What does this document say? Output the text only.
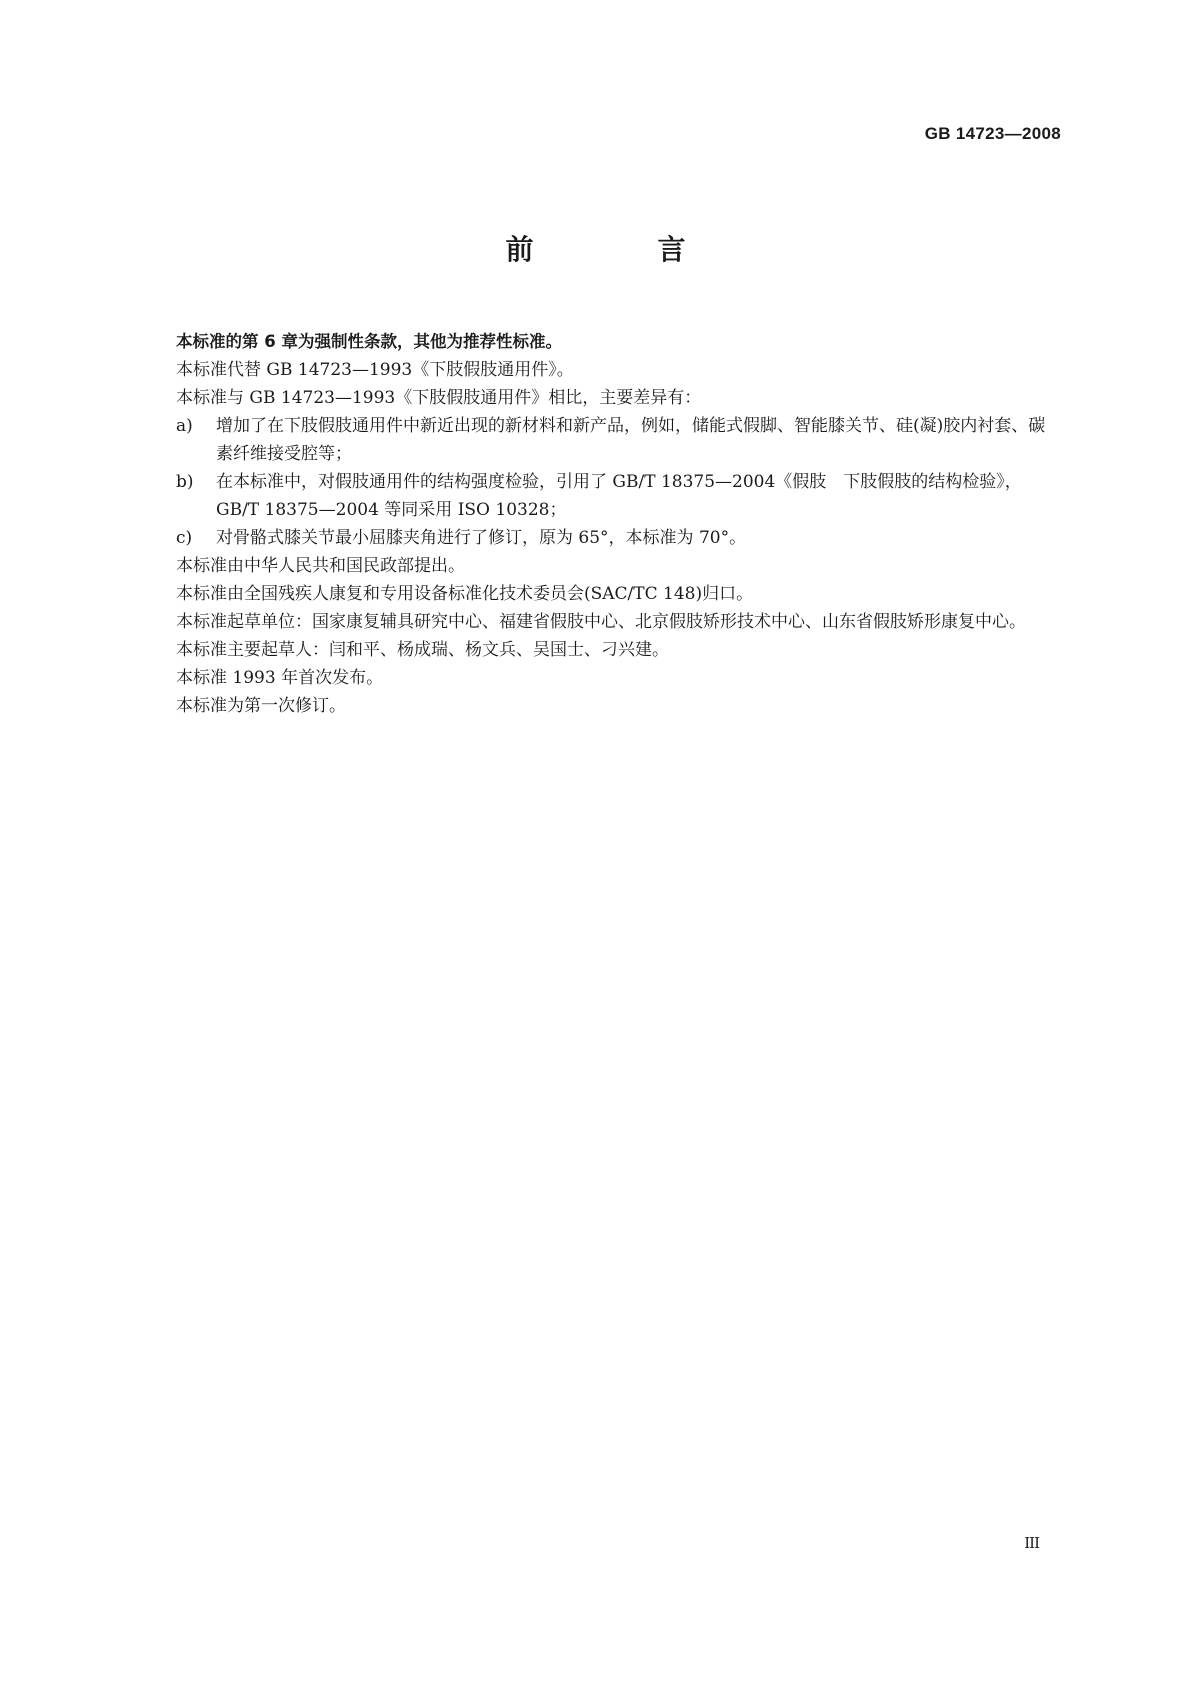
GB 14723—2008
前　言

本标准的第 6 章为强制性条款，其他为推荐性标准。

本标准代替 GB 14723—1993《下肢假肢通用件》。

本标准与 GB 14723—1993《下肢假肢通用件》相比，主要差异有：

a) 增加了在下肢假肢通用件中新近出现的新材料和新产品，例如，储能式假脚、智能膝关节、硅(凝)胶内衬套、碳素纤维接受腔等；
b) 在本标准中，对假肢通用件的结构强度检验，引用了 GB/T 18375—2004《假肢　下肢假肢的结构检验》，GB/T 18375—2004 等同采用 ISO 10328；
c) 对骨骼式膝关节最小屈膝夹角进行了修订，原为 65°，本标准为 70°。

本标准由中华人民共和国民政部提出。

本标准由全国残疾人康复和专用设备标准化技术委员会(SAC/TC 148)归口。

本标准起草单位：国家康复辅具研究中心、福建省假肢中心、北京假肢矫形技术中心、山东省假肢矫形康复中心。

本标准主要起草人：闫和平、杨成瑞、杨文兵、吴国士、刁兴建。

本标准 1993 年首次发布。

本标准为第一次修订。

III
